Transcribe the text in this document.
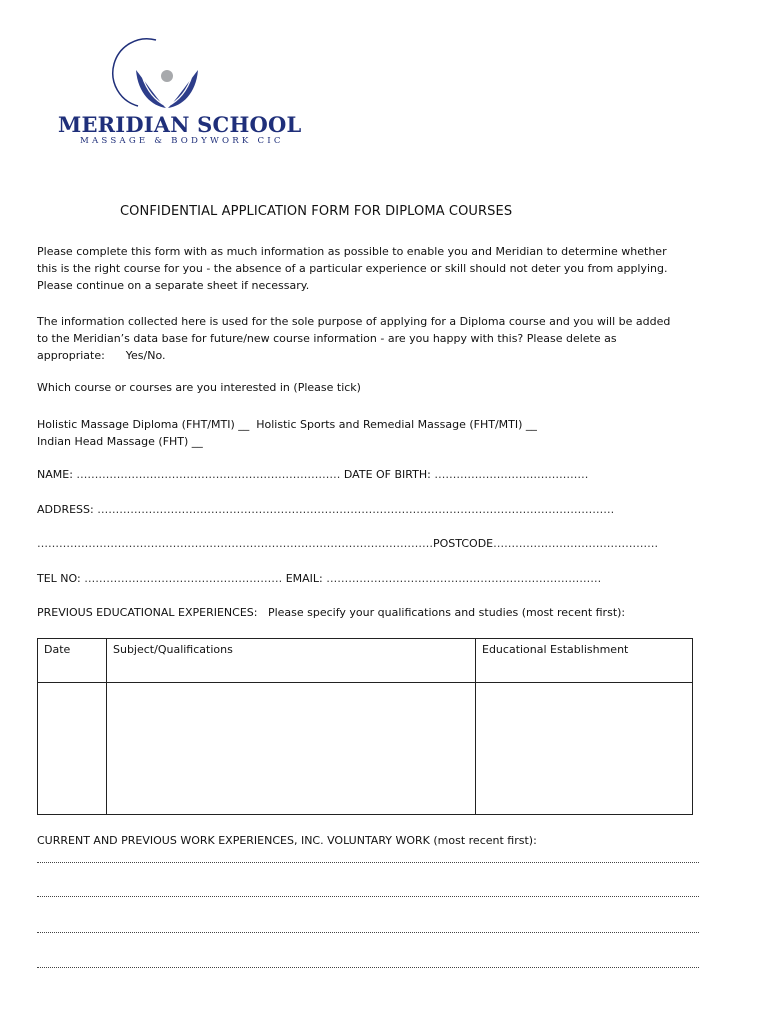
MERIDIAN SCHOOL
MASSAGE & BODYWORK CIC
CONFIDENTIAL APPLICATION FORM FOR DIPLOMA COURSES
Please complete this form with as much information as possible to enable you and Meridian to determine whether
this is the right course for you - the absence of a particular experience or skill should not deter you from applying.
Please continue on a separate sheet if necessary.
The information collected here is used for the sole purpose of applying for a Diploma course and you will be added
to the Meridian’s data base for future/new course information - are you happy with this? Please delete as
appropriate:      Yes/No.
Which course or courses are you interested in (Please tick)
Holistic Massage Diploma (FHT/MTI) __  Holistic Sports and Remedial Massage (FHT/MTI) __
Indian Head Massage (FHT) __
NAME: ……………………………………………………………… DATE OF BIRTH: ……………………………………
ADDRESS: ……………………………………………………………………………………………………………………………
………………………………………………………………………………………………POSTCODE………………………………………
TEL NO: ……………………………………………… EMAIL: …………………………………………………………………
PREVIOUS EDUCATIONAL EXPERIENCES:   Please specify your qualifications and studies (most recent first):
Date	Subject/Qualifications	Educational Establishment

CURRENT AND PREVIOUS WORK EXPERIENCES, INC. VOLUNTARY WORK (most recent first):
